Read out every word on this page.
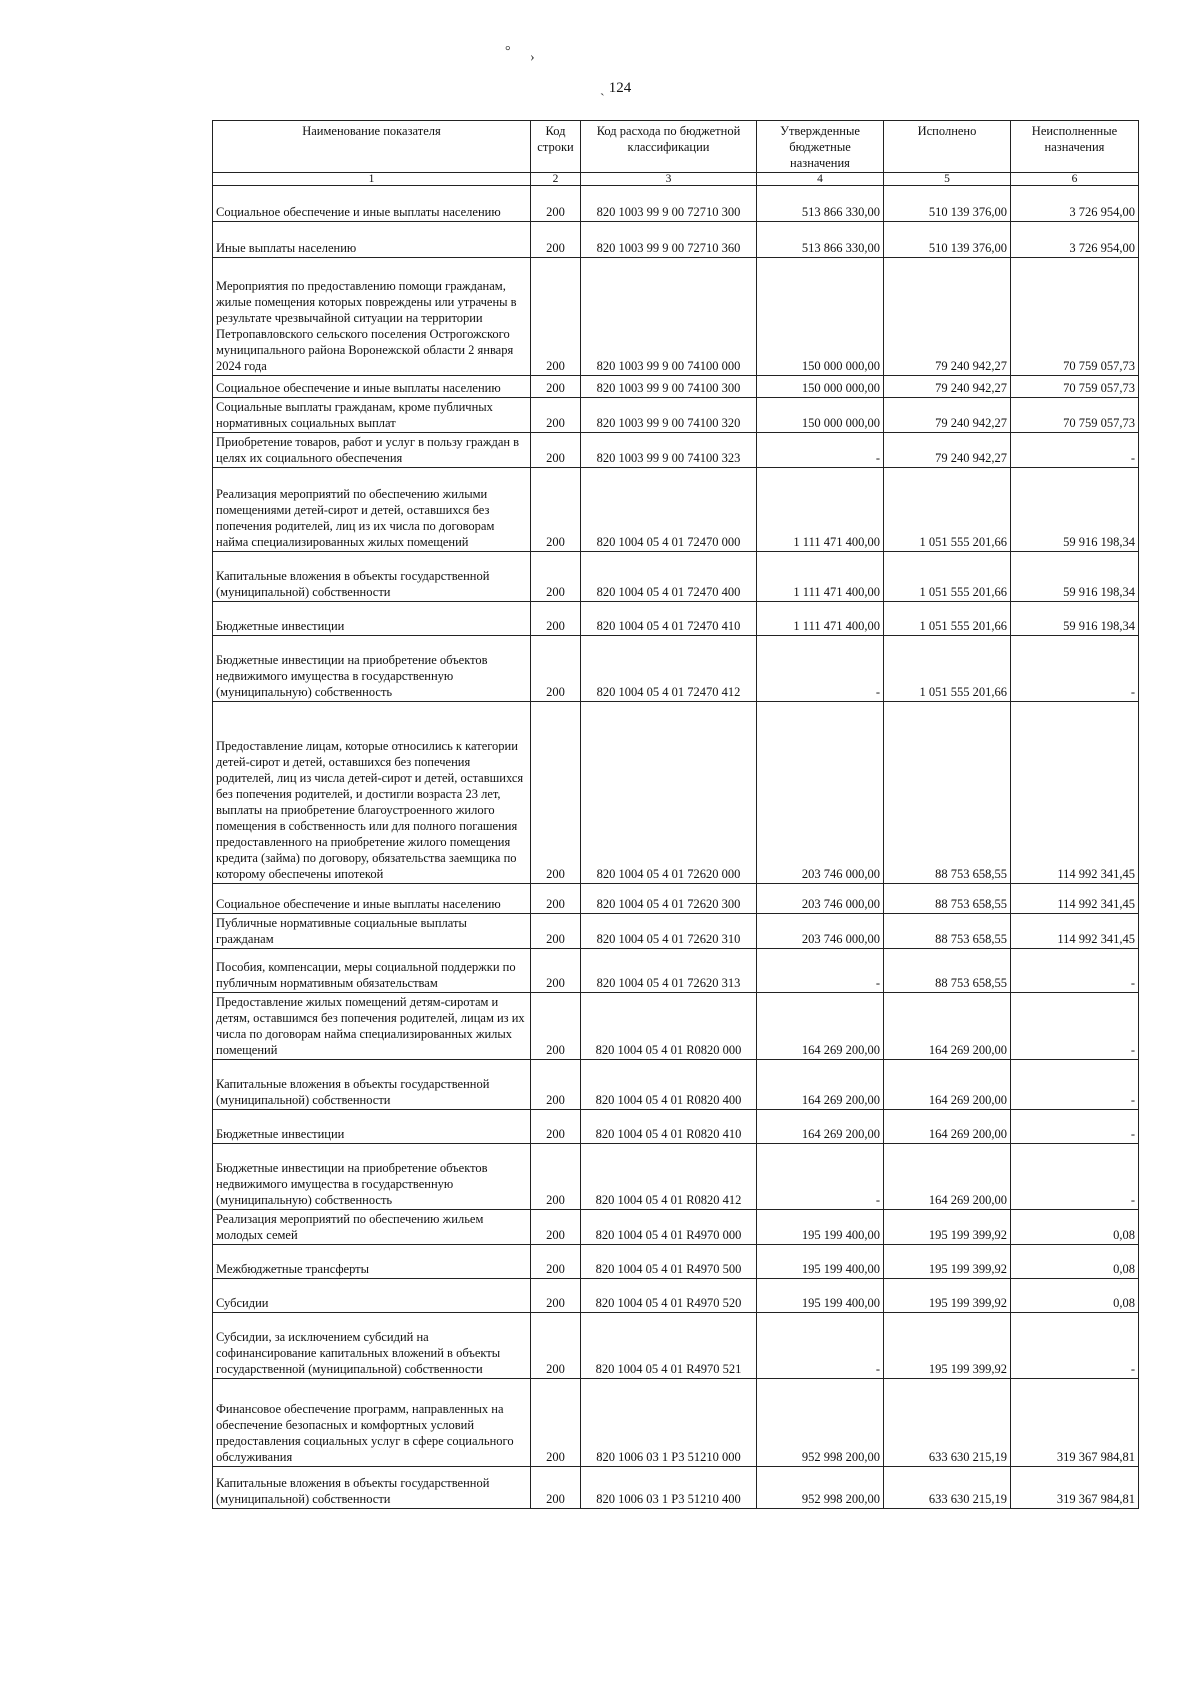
° ›
`
124
Наименование показателя	Код строки	Код расхода по бюджетной классификации	Утвержденные бюджетные назначения	Исполнено	Неисполненные назначения
1	2	3	4	5	6
Социальное обеспечение и иные выплаты населению	200	820 1003 99 9 00 72710 300	513 866 330,00	510 139 376,00	3 726 954,00
Иные выплаты населению	200	820 1003 99 9 00 72710 360	513 866 330,00	510 139 376,00	3 726 954,00
Мероприятия по предоставлению помощи гражданам, жилые помещения которых повреждены или утрачены в результате чрезвычайной ситуации на территории Петропавловского сельского поселения Острогожского муниципального района Воронежской области 2 января 2024 года	200	820 1003 99 9 00 74100 000	150 000 000,00	79 240 942,27	70 759 057,73
Социальное обеспечение и иные выплаты населению	200	820 1003 99 9 00 74100 300	150 000 000,00	79 240 942,27	70 759 057,73
Социальные выплаты гражданам, кроме публичных нормативных социальных выплат	200	820 1003 99 9 00 74100 320	150 000 000,00	79 240 942,27	70 759 057,73
Приобретение товаров, работ и услуг в пользу граждан в целях их социального обеспечения	200	820 1003 99 9 00 74100 323	-	79 240 942,27	-
Реализация мероприятий по обеспечению жилыми помещениями детей-сирот и детей, оставшихся без попечения родителей, лиц из их числа по договорам найма специализированных жилых помещений	200	820 1004 05 4 01 72470 000	1 111 471 400,00	1 051 555 201,66	59 916 198,34
Капитальные вложения в объекты государственной (муниципальной) собственности	200	820 1004 05 4 01 72470 400	1 111 471 400,00	1 051 555 201,66	59 916 198,34
Бюджетные инвестиции	200	820 1004 05 4 01 72470 410	1 111 471 400,00	1 051 555 201,66	59 916 198,34
Бюджетные инвестиции на приобретение объектов недвижимого имущества в государственную (муниципальную) собственность	200	820 1004 05 4 01 72470 412	-	1 051 555 201,66	-
Предоставление лицам, которые относились к категории детей-сирот и детей, оставшихся без попечения родителей, лиц из числа детей-сирот и детей, оставшихся без попечения родителей, и достигли возраста 23 лет, выплаты на приобретение благоустроенного жилого помещения в собственность или для полного погашения предоставленного на приобретение жилого помещения кредита (займа) по договору, обязательства заемщика по которому обеспечены ипотекой	200	820 1004 05 4 01 72620 000	203 746 000,00	88 753 658,55	114 992 341,45
Социальное обеспечение и иные выплаты населению	200	820 1004 05 4 01 72620 300	203 746 000,00	88 753 658,55	114 992 341,45
Публичные нормативные социальные выплаты гражданам	200	820 1004 05 4 01 72620 310	203 746 000,00	88 753 658,55	114 992 341,45
Пособия, компенсации, меры социальной поддержки по публичным нормативным обязательствам	200	820 1004 05 4 01 72620 313	-	88 753 658,55	-
Предоставление жилых помещений детям-сиротам и детям, оставшимся без попечения родителей, лицам из их числа по договорам найма специализированных жилых помещений	200	820 1004 05 4 01 R0820 000	164 269 200,00	164 269 200,00	-
Капитальные вложения в объекты государственной (муниципальной) собственности	200	820 1004 05 4 01 R0820 400	164 269 200,00	164 269 200,00	-
Бюджетные инвестиции	200	820 1004 05 4 01 R0820 410	164 269 200,00	164 269 200,00	-
Бюджетные инвестиции на приобретение объектов недвижимого имущества в государственную (муниципальную) собственность	200	820 1004 05 4 01 R0820 412	-	164 269 200,00	-
Реализация мероприятий по обеспечению жильем молодых семей	200	820 1004 05 4 01 R4970 000	195 199 400,00	195 199 399,92	0,08
Межбюджетные трансферты	200	820 1004 05 4 01 R4970 500	195 199 400,00	195 199 399,92	0,08
Субсидии	200	820 1004 05 4 01 R4970 520	195 199 400,00	195 199 399,92	0,08
Субсидии, за исключением субсидий на софинансирование капитальных вложений в объекты государственной (муниципальной) собственности	200	820 1004 05 4 01 R4970 521	-	195 199 399,92	-
Финансовое обеспечение программ, направленных на обеспечение безопасных и комфортных условий предоставления социальных услуг в сфере социального обслуживания	200	820 1006 03 1 P3 51210 000	952 998 200,00	633 630 215,19	319 367 984,81
Капитальные вложения в объекты государственной (муниципальной) собственности	200	820 1006 03 1 P3 51210 400	952 998 200,00	633 630 215,19	319 367 984,81
